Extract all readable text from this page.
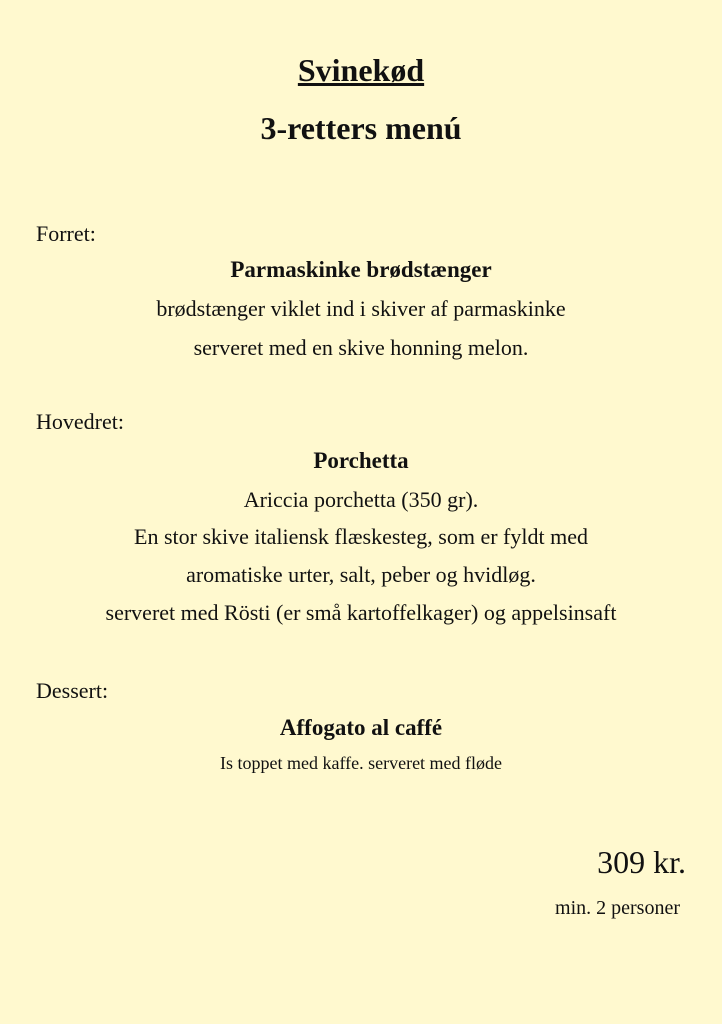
Svinekød
3-retters menú
Forret:
Parmaskinke brødstænger
brødstænger viklet ind i skiver af parmaskinke
serveret med en skive honning melon.
Hovedret:
Porchetta
Ariccia porchetta (350 gr).
En stor skive italiensk flæskesteg, som er fyldt med
aromatiske urter, salt, peber og hvidløg.
serveret med Rösti (er små kartoffelkager) og appelsinsaft
Dessert:
Affogato al caffé
Is toppet med kaffe. serveret med fløde
309 kr.
min. 2 personer
